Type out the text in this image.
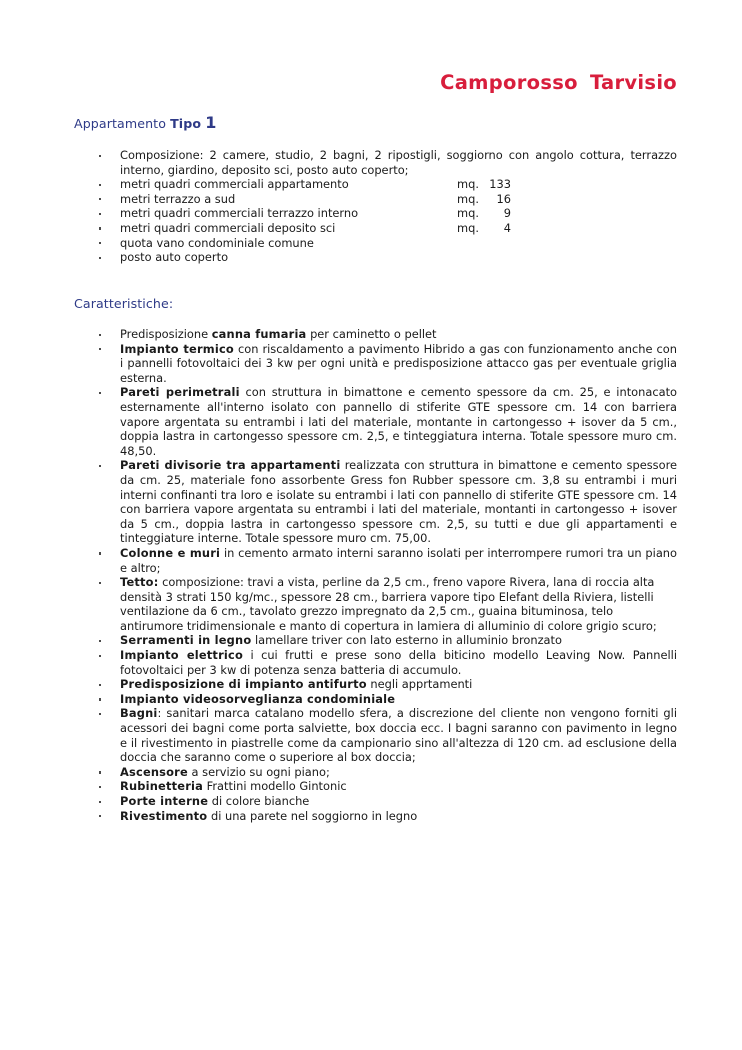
Camporosso Tarvisio
Appartamento Tipo 1
Composizione: 2 camere, studio, 2 bagni, 2 ripostigli, soggiorno con angolo cottura, terrazzo interno, giardino, deposito sci, posto auto coperto;
metri quadri commerciali appartamento	mq. 133
metri terrazzo a sud	mq.	16
metri quadri commerciali terrazzo interno	mq.	9
metri quadri commerciali deposito sci	mq.	4
quota vano condominiale comune
posto auto coperto
Caratteristiche:
Predisposizione canna fumaria per caminetto o pellet
Impianto termico con riscaldamento a pavimento Hibrido a gas con funzionamento anche con i pannelli fotovoltaici dei 3 kw per ogni unità e predisposizione attacco gas per eventuale griglia esterna.
Pareti perimetrali con struttura in bimattone e cemento spessore da cm. 25, e intonacato esternamente all'interno isolato con pannello di stiferite GTE spessore cm. 14 con barriera vapore argentata su entrambi i lati del materiale, montante in cartongesso + isover da 5 cm., doppia lastra in cartongesso spessore cm. 2,5, e tinteggiatura interna. Totale spessore muro cm. 48,50.
Pareti divisorie tra appartamenti realizzata con struttura in bimattone e cemento spessore da cm. 25, materiale fono assorbente Gress fon Rubber spessore cm. 3,8 su entrambi i muri interni confinanti tra loro e isolate su entrambi i lati con pannello di stiferite GTE spessore cm. 14 con barriera vapore argentata su entrambi i lati del materiale, montanti in cartongesso + isover da 5 cm., doppia lastra in cartongesso spessore cm. 2,5, su tutti e due gli appartamenti e tinteggiature interne. Totale spessore muro cm. 75,00.
Colonne e muri in cemento armato interni saranno isolati per interrompere rumori tra un piano e altro;
Tetto: composizione: travi a vista, perline da 2,5 cm., freno vapore Rivera, lana di roccia alta densità 3 strati 150 kg/mc., spessore 28 cm., barriera vapore tipo Elefant della Riviera, listelli ventilazione da 6 cm., tavolato grezzo impregnato da 2,5 cm., guaina bituminosa, telo antirumore tridimensionale e manto di copertura in lamiera di alluminio di colore grigio scuro;
Serramenti in legno lamellare triver con lato esterno in alluminio bronzato
Impianto elettrico i cui frutti e prese sono della biticino modello Leaving Now. Pannelli fotovoltaici per 3 kw di potenza senza batteria di accumulo.
Predisposizione di impianto antifurto negli apprtamenti
Impianto videosorveglianza condominiale
Bagni: sanitari marca catalano modello sfera, a discrezione del cliente non vengono forniti gli acessori dei bagni come porta salviette, box doccia ecc. I bagni saranno con pavimento in legno e il rivestimento in piastrelle come da campionario sino all'altezza di 120 cm. ad esclusione della doccia che saranno come o superiore al box doccia;
Ascensore a servizio su ogni piano;
Rubinetteria Frattini modello Gintonic
Porte interne di colore bianche
Rivestimento di una parete nel soggiorno in legno
